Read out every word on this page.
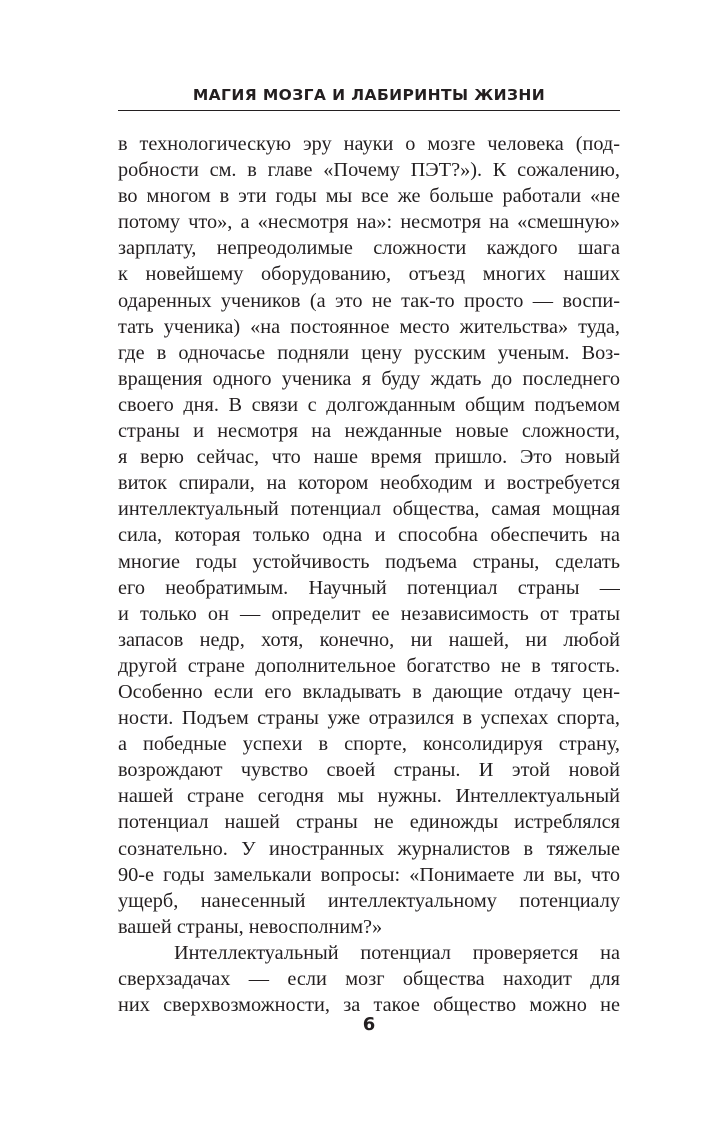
МАГИЯ МОЗГА И ЛАБИРИНТЫ ЖИЗНИ
в технологическую эру науки о мозге человека (под-
робности см. в главе «Почему ПЭТ?»). К сожалению,
во многом в эти годы мы все же больше работали «не
потому что», а «несмотря на»: несмотря на «смешную»
зарплату, непреодолимые сложности каждого шага
к новейшему оборудованию, отъезд многих наших
одаренных учеников (а это не так-то просто — воспи-
тать ученика) «на постоянное место жительства» туда,
где в одночасье подняли цену русским ученым. Воз-
вращения одного ученика я буду ждать до последнего
своего дня. В связи с долгожданным общим подъемом
страны и несмотря на нежданные новые сложности,
я верю сейчас, что наше время пришло. Это новый
виток спирали, на котором необходим и востребуется
интеллектуальный потенциал общества, самая мощная
сила, которая только одна и способна обеспечить на
многие годы устойчивость подъема страны, сделать
его необратимым. Научный потенциал страны —
и только он — определит ее независимость от траты
запасов недр, хотя, конечно, ни нашей, ни любой
другой стране дополнительное богатство не в тягость.
Особенно если его вкладывать в дающие отдачу цен-
ности. Подъем страны уже отразился в успехах спорта,
а победные успехи в спорте, консолидируя страну,
возрождают чувство своей страны. И этой новой
нашей стране сегодня мы нужны. Интеллектуальный
потенциал нашей страны не единожды истреблялся
сознательно. У иностранных журналистов в тяжелые
90-е годы замелькали вопросы: «Понимаете ли вы, что
ущерб, нанесенный интеллектуальному потенциалу
вашей страны, невосполним?»
Интеллектуальный потенциал проверяется на
сверхзадачах — если мозг общества находит для
них сверхвозможности, за такое общество можно не
6
